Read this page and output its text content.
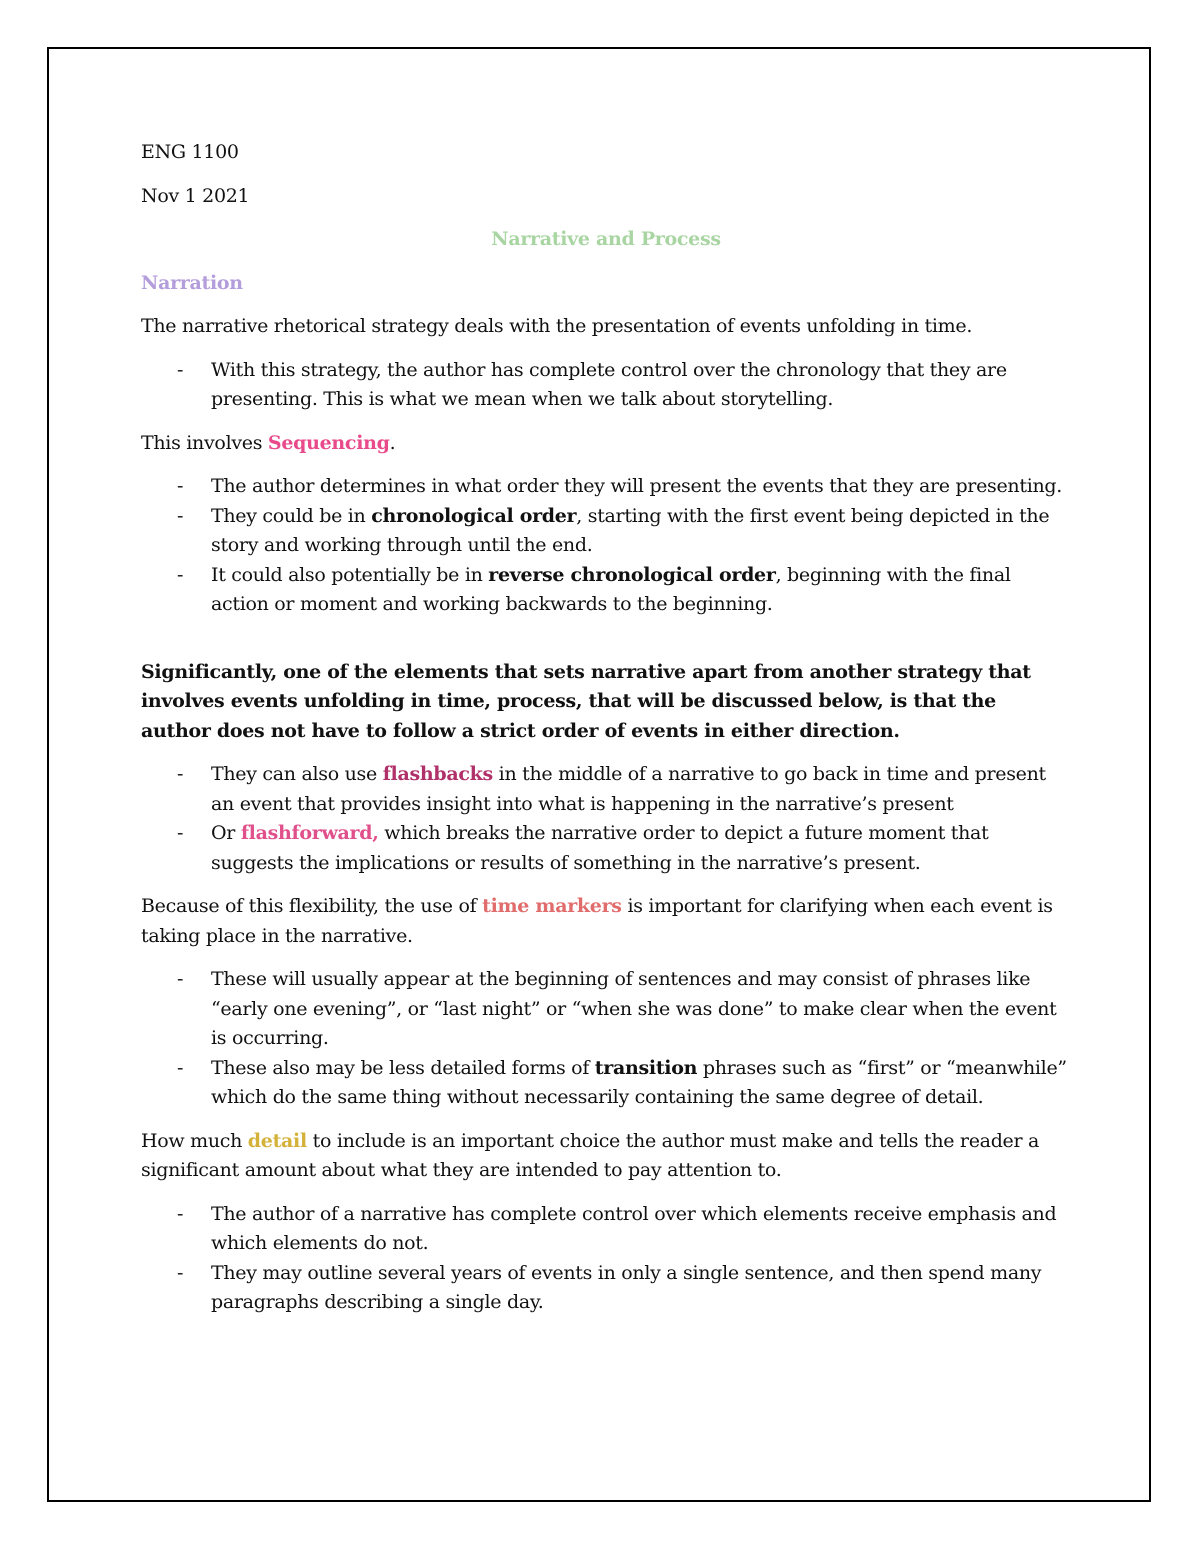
ENG 1100
Nov 1 2021
Narrative and Process
Narration

The narrative rhetorical strategy deals with the presentation of events unfolding in time.

- With this strategy, the author has complete control over the chronology that they are presenting. This is what we mean when we talk about storytelling.

This involves Sequencing.

- The author determines in what order they will present the events that they are presenting.
- They could be in chronological order, starting with the first event being depicted in the story and working through until the end.
- It could also potentially be in reverse chronological order, beginning with the final action or moment and working backwards to the beginning.

Significantly, one of the elements that sets narrative apart from another strategy that involves events unfolding in time, process, that will be discussed below, is that the author does not have to follow a strict order of events in either direction.

- They can also use flashbacks in the middle of a narrative to go back in time and present an event that provides insight into what is happening in the narrative’s present
- Or flashforward, which breaks the narrative order to depict a future moment that suggests the implications or results of something in the narrative’s present.

Because of this flexibility, the use of time markers is important for clarifying when each event is taking place in the narrative.

- These will usually appear at the beginning of sentences and may consist of phrases like “early one evening”, or “last night” or “when she was done” to make clear when the event is occurring.
- These also may be less detailed forms of transition phrases such as “first” or “meanwhile” which do the same thing without necessarily containing the same degree of detail.

How much detail to include is an important choice the author must make and tells the reader a significant amount about what they are intended to pay attention to.

- The author of a narrative has complete control over which elements receive emphasis and which elements do not.
- They may outline several years of events in only a single sentence, and then spend many paragraphs describing a single day.
